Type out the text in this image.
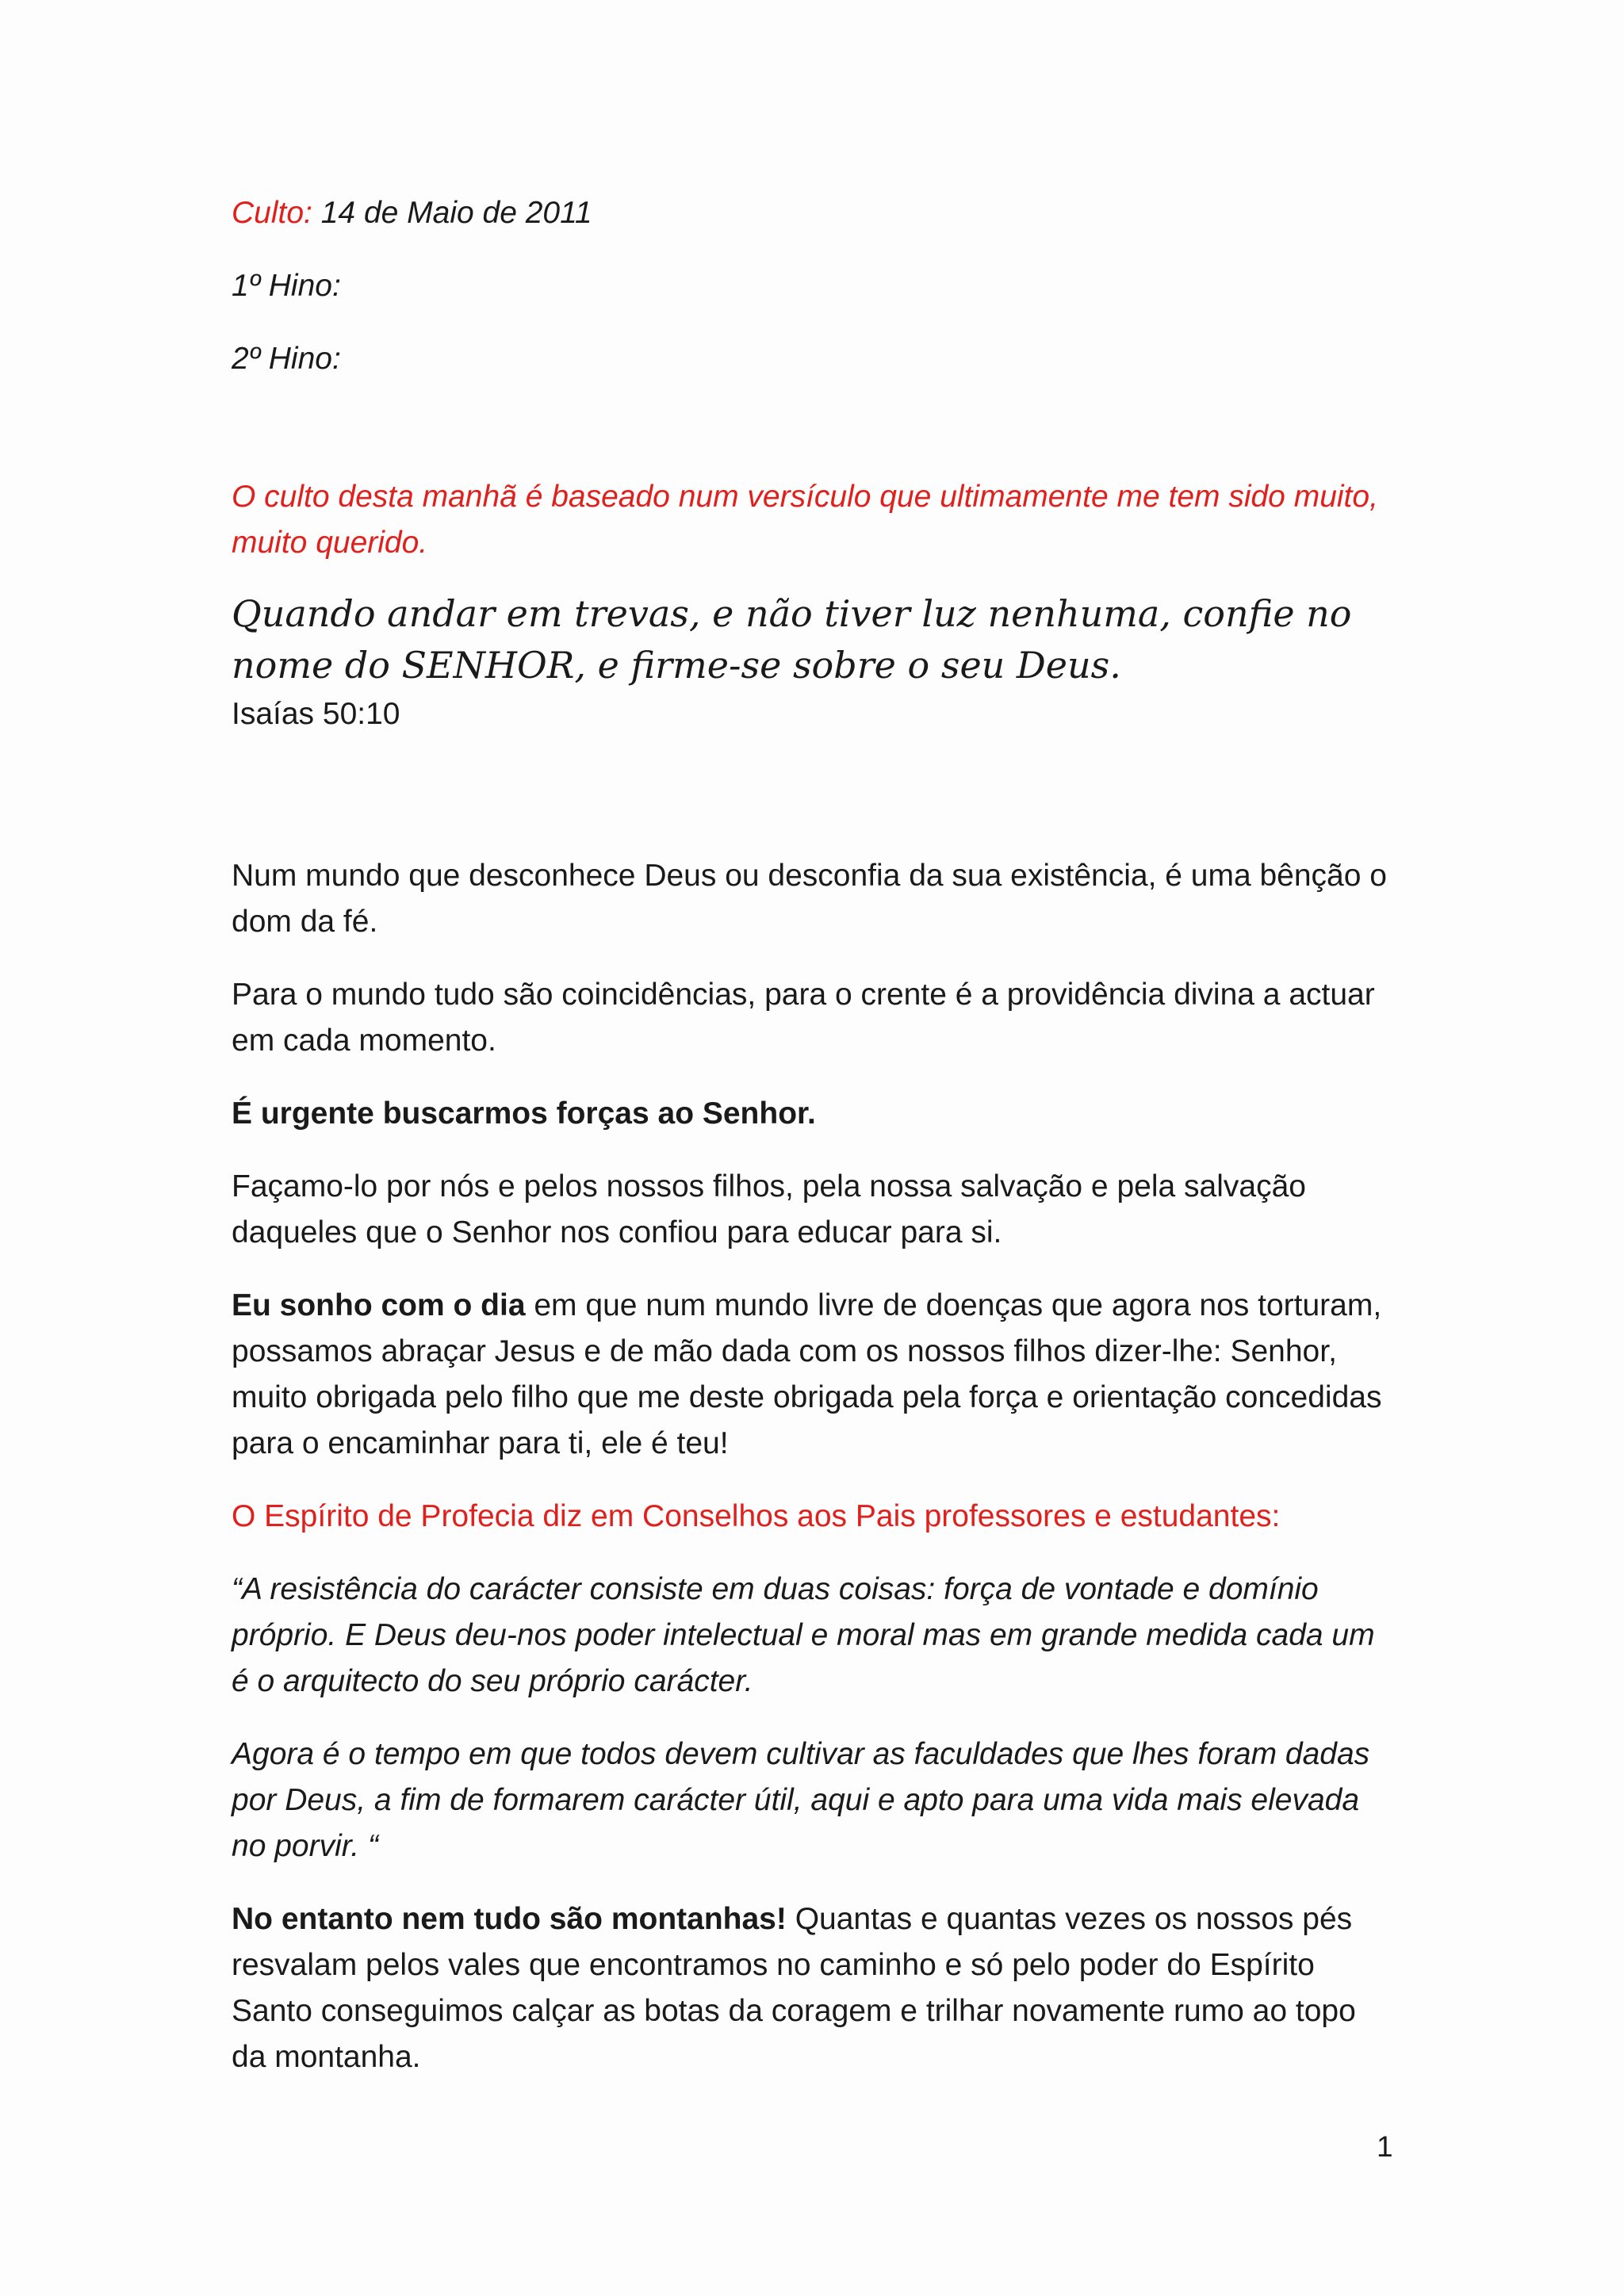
Culto: 14 de Maio de 2011

1º Hino:

2º Hino:

O culto desta manhã é baseado num versículo que ultimamente me tem sido muito, muito querido.

Quando andar em trevas, e não tiver luz nenhuma, confie no nome do SENHOR, e firme-se sobre o seu Deus.

Isaías 50:10

Num mundo que desconhece Deus ou desconfia da sua existência, é uma bênção o dom da fé.

Para o mundo tudo são coincidências, para o crente é a providência divina a actuar em cada momento.

É urgente buscarmos forças ao Senhor.

Façamo-lo por nós e pelos nossos filhos, pela nossa salvação e pela salvação daqueles que o Senhor nos confiou para educar para si.

Eu sonho com o dia em que num mundo livre de doenças que agora nos torturam, possamos abraçar Jesus e de mão dada com os nossos filhos dizer-lhe: Senhor, muito obrigada pelo filho que me deste obrigada pela força e orientação concedidas para o encaminhar para ti, ele é teu!

O Espírito de Profecia diz em Conselhos aos Pais professores e estudantes:

“A resistência do carácter consiste em duas coisas: força de vontade e domínio próprio. E Deus deu-nos poder intelectual e moral mas em grande medida cada um é o arquitecto do seu próprio carácter.

Agora é o tempo em que todos devem cultivar as faculdades que lhes foram dadas por Deus, a fim de formarem carácter útil, aqui e apto para uma vida mais elevada no porvir. “

No entanto nem tudo são montanhas! Quantas e quantas vezes os nossos pés resvalam pelos vales que encontramos no caminho e só pelo poder do Espírito Santo conseguimos calçar as botas da coragem e trilhar novamente rumo ao topo da montanha.

1
